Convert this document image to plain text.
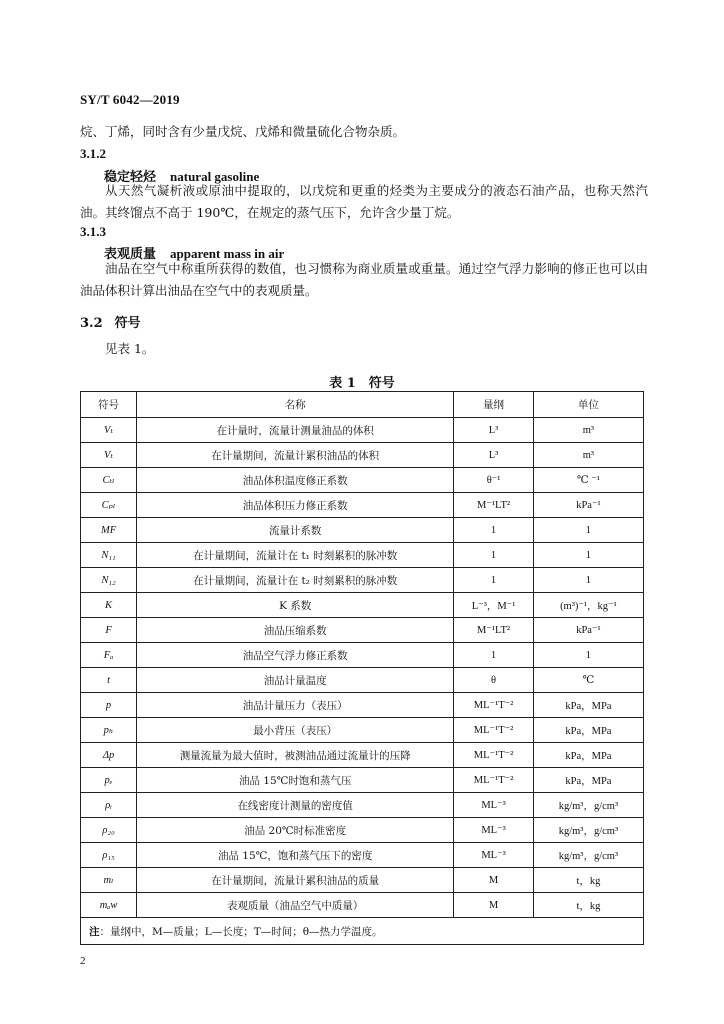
SY/T 6042—2019

烷、丁烯，同时含有少量戊烷、戊烯和微量硫化合物杂质。

3.1.2
稳定轻烃 natural gasoline

从天然气凝析液或原油中提取的，以戊烷和更重的烃类为主要成分的液态石油产品，也称天然汽油。其终馏点不高于 190℃，在规定的蒸气压下，允许含少量丁烷。

3.1.3
表观质量 apparent mass in air

油品在空气中称重所获得的数值，也习惯称为商业质量或重量。通过空气浮力影响的修正也可以由油品体积计算出油品在空气中的表观质量。

3.2 符号

见表 1。

表 1　符号
符号	名称	量纲	单位
Vₜ	在计量时，流量计测量油品的体积	L³	m³
Vₜ	在计量期间，流量计累积油品的体积	L³	m³
Cₜₗ	油品体积温度修正系数	θ⁻¹	℃ ⁻¹
Cₚₗ	油品体积压力修正系数	M⁻¹LT²	kPa⁻¹
MF	流量计系数	1	1
N₁₁	在计量期间，流量计在 t₁ 时刻累积的脉冲数	1	1
N₁₂	在计量期间，流量计在 t₂ 时刻累积的脉冲数	1	1
K	K 系数	L⁻³，M⁻¹	(m³)⁻¹，kg⁻¹
F	油品压缩系数	M⁻¹LT²	kPa⁻¹
Fₐ	油品空气浮力修正系数	1	1
t	油品计量温度	θ	℃
p	油品计量压力（表压）	ML⁻¹T⁻²	kPa，MPa
pₕ	最小背压（表压）	ML⁻¹T⁻²	kPa，MPa
Δp	测量流量为最大值时，被测油品通过流量计的压降	ML⁻¹T⁻²	kPa，MPa
pₑ	油品 15℃时饱和蒸气压	ML⁻¹T⁻²	kPa，MPa
ρᵢ	在线密度计测量的密度值	ML⁻³	kg/m³，g/cm³
ρ₂₀	油品 20℃时标准密度	ML⁻³	kg/m³，g/cm³
ρ₁₅	油品 15℃，饱和蒸气压下的密度	ML⁻³	kg/m³，g/cm³
mₗ	在计量期间，流量计累积油品的质量	M	t，kg
mₐw	表观质量（油品空气中质量）	M	t，kg
注：量纲中，M—质量；L—长度；T—时间；θ—热力学温度。			
2
